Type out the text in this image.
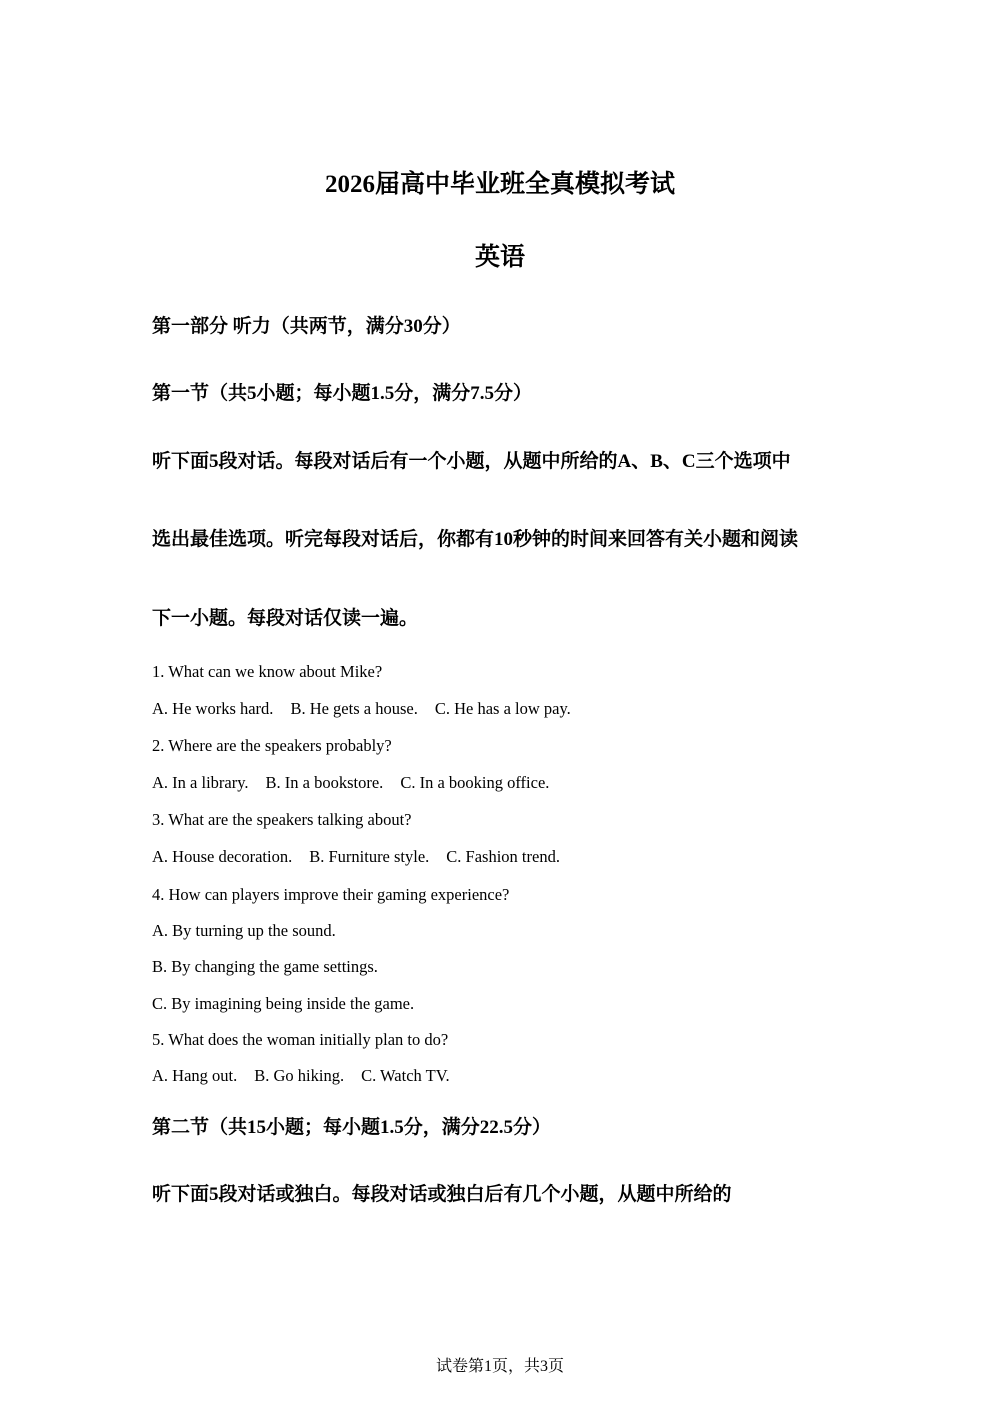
2026届高中毕业班全真模拟考试
英语
第一部分 听力（共两节，满分30分）
第一节（共5小题；每小题1.5分，满分7.5分）
听下面5段对话。每段对话后有一个小题，从题中所给的A、B、C三个选项中
选出最佳选项。听完每段对话后，你都有10秒钟的时间来回答有关小题和阅读
下一小题。每段对话仅读一遍。
1. What can we know about Mike?
A. He works hard. B. He gets a house. C. He has a low pay.
2. Where are the speakers probably?
A. In a library. B. In a bookstore. C. In a booking office.
3. What are the speakers talking about?
A. House decoration. B. Furniture style. C. Fashion trend.
4. How can players improve their gaming experience?
A. By turning up the sound.
B. By changing the game settings.
C. By imagining being inside the game.
5. What does the woman initially plan to do?
A. Hang out. B. Go hiking. C. Watch TV.
第二节（共15小题；每小题1.5分，满分22.5分）
听下面5段对话或独白。每段对话或独白后有几个小题，从题中所给的
试卷第1页，共3页
